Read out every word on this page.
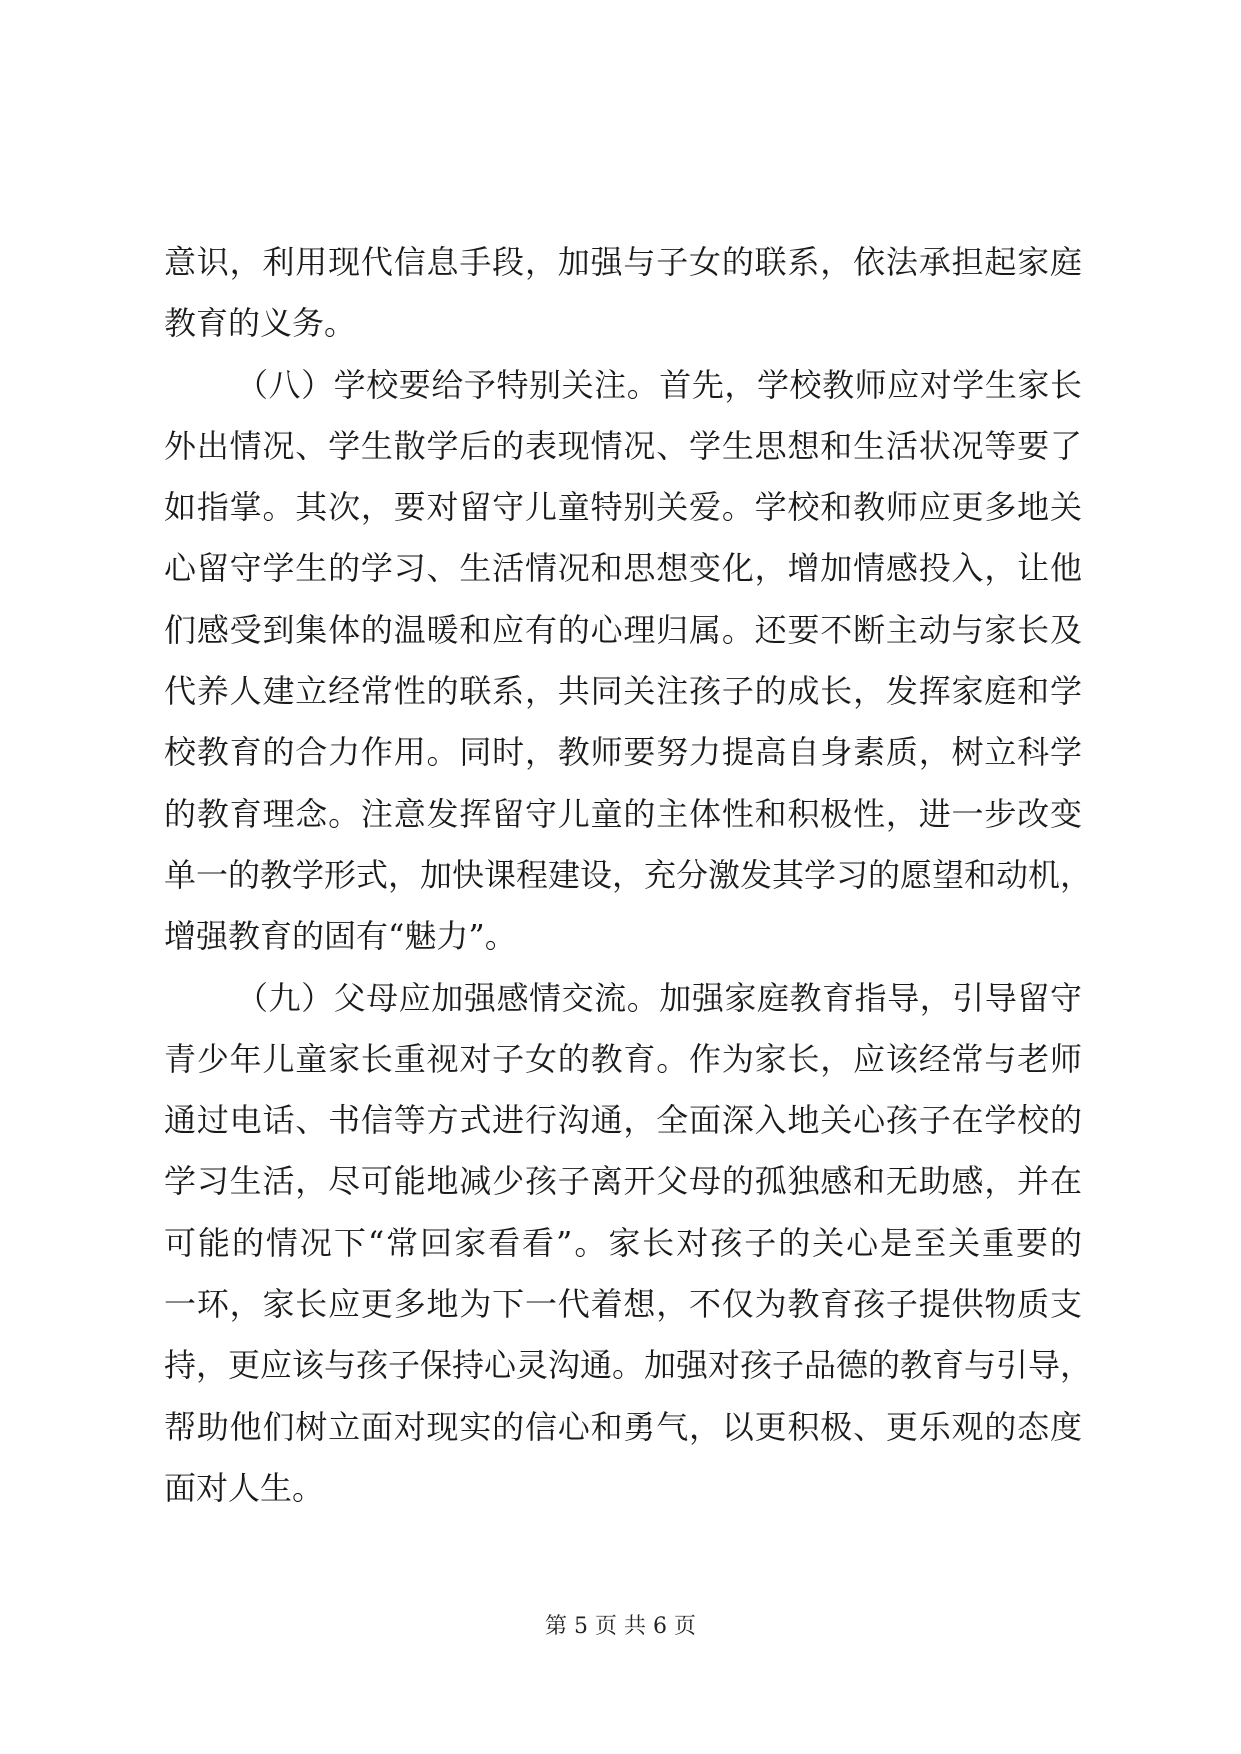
意识，利用现代信息手段，加强与子女的联系，依法承担起家庭
教育的义务。
（八）学校要给予特别关注。首先，学校教师应对学生家长
外出情况、学生散学后的表现情况、学生思想和生活状况等要了
如指掌。其次，要对留守儿童特别关爱。学校和教师应更多地关
心留守学生的学习、生活情况和思想变化，增加情感投入，让他
们感受到集体的温暖和应有的心理归属。还要不断主动与家长及
代养人建立经常性的联系，共同关注孩子的成长，发挥家庭和学
校教育的合力作用。同时，教师要努力提高自身素质，树立科学
的教育理念。注意发挥留守儿童的主体性和积极性，进一步改变
单一的教学形式，加快课程建设，充分激发其学习的愿望和动机，
增强教育的固有“魅力”。
（九）父母应加强感情交流。加强家庭教育指导，引导留守
青少年儿童家长重视对子女的教育。作为家长，应该经常与老师
通过电话、书信等方式进行沟通，全面深入地关心孩子在学校的
学习生活，尽可能地减少孩子离开父母的孤独感和无助感，并在
可能的情况下“常回家看看”。家长对孩子的关心是至关重要的
一环，家长应更多地为下一代着想，不仅为教育孩子提供物质支
持，更应该与孩子保持心灵沟通。加强对孩子品德的教育与引导，
帮助他们树立面对现实的信心和勇气，以更积极、更乐观的态度
面对人生。
第 5 页 共 6 页
